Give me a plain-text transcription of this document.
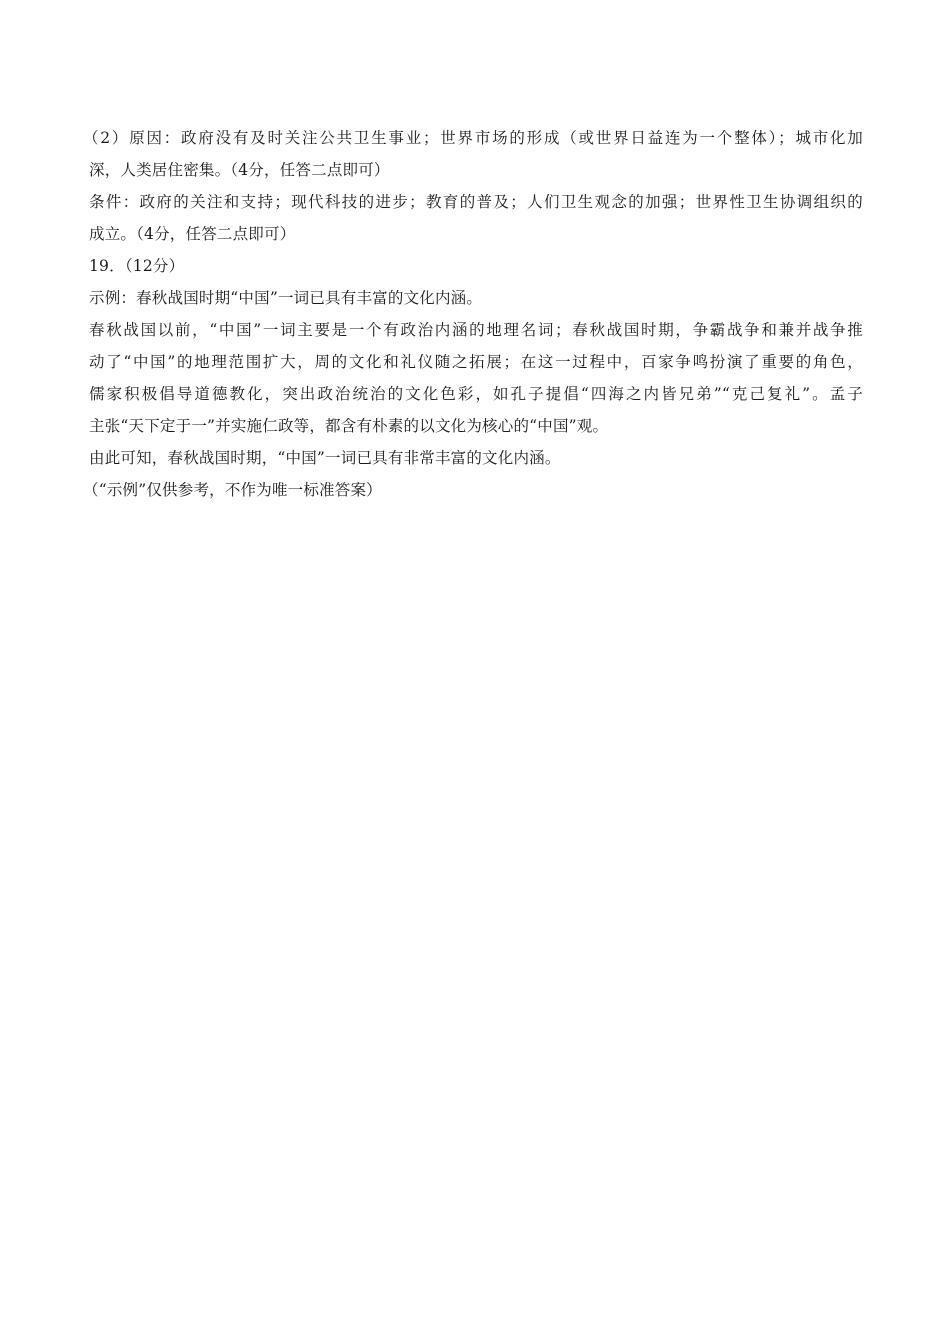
（2）原因：政府没有及时关注公共卫生事业；世界市场的形成（或世界日益连为一个整体）；城市化加
深，人类居住密集。（4分，任答二点即可）
条件：政府的关注和支持；现代科技的进步；教育的普及；人们卫生观念的加强；世界性卫生协调组织的
成立。（4分，任答二点即可）
19．（12分）
示例：春秋战国时期“中国”一词已具有丰富的文化内涵。
春秋战国以前，“中国”一词主要是一个有政治内涵的地理名词；春秋战国时期，争霸战争和兼并战争推
动了“中国”的地理范围扩大，周的文化和礼仪随之拓展；在这一过程中，百家争鸣扮演了重要的角色，
儒家积极倡导道德教化，突出政治统治的文化色彩，如孔子提倡“四海之内皆兄弟”“克己复礼”。孟子
主张“天下定于一”并实施仁政等，都含有朴素的以文化为核心的“中国”观。
由此可知，春秋战国时期，“中国”一词已具有非常丰富的文化内涵。
（“示例”仅供参考，不作为唯一标准答案）
